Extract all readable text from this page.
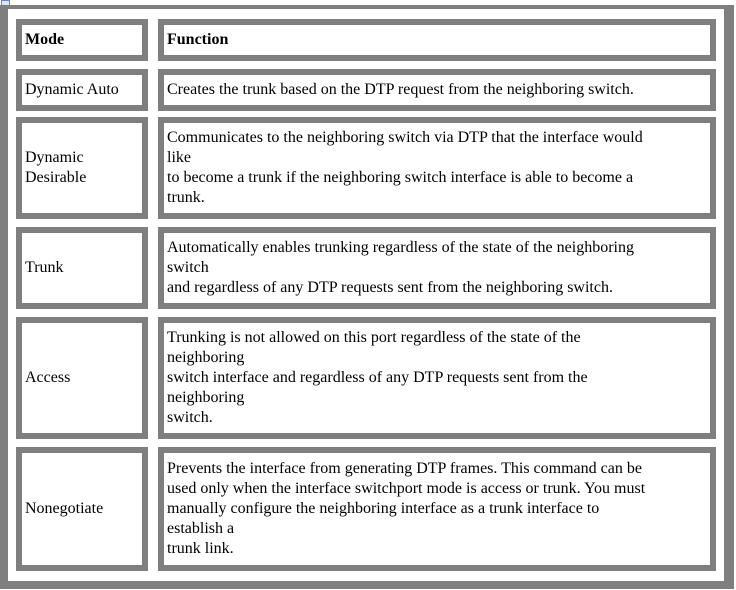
Mode	Function
Dynamic Auto	Creates the trunk based on the DTP request from the neighboring switch.
Dynamic
Desirable
Communicates to the neighboring switch via DTP that the interface would
like
to become a trunk if the neighboring switch interface is able to become a
trunk.
Trunk
Automatically enables trunking regardless of the state of the neighboring
switch
and regardless of any DTP requests sent from the neighboring switch.
Access
Trunking is not allowed on this port regardless of the state of the
neighboring
switch interface and regardless of any DTP requests sent from the
neighboring
switch.
Nonegotiate
Prevents the interface from generating DTP frames. This command can be
used only when the interface switchport mode is access or trunk. You must
manually configure the neighboring interface as a trunk interface to
establish a
trunk link.
